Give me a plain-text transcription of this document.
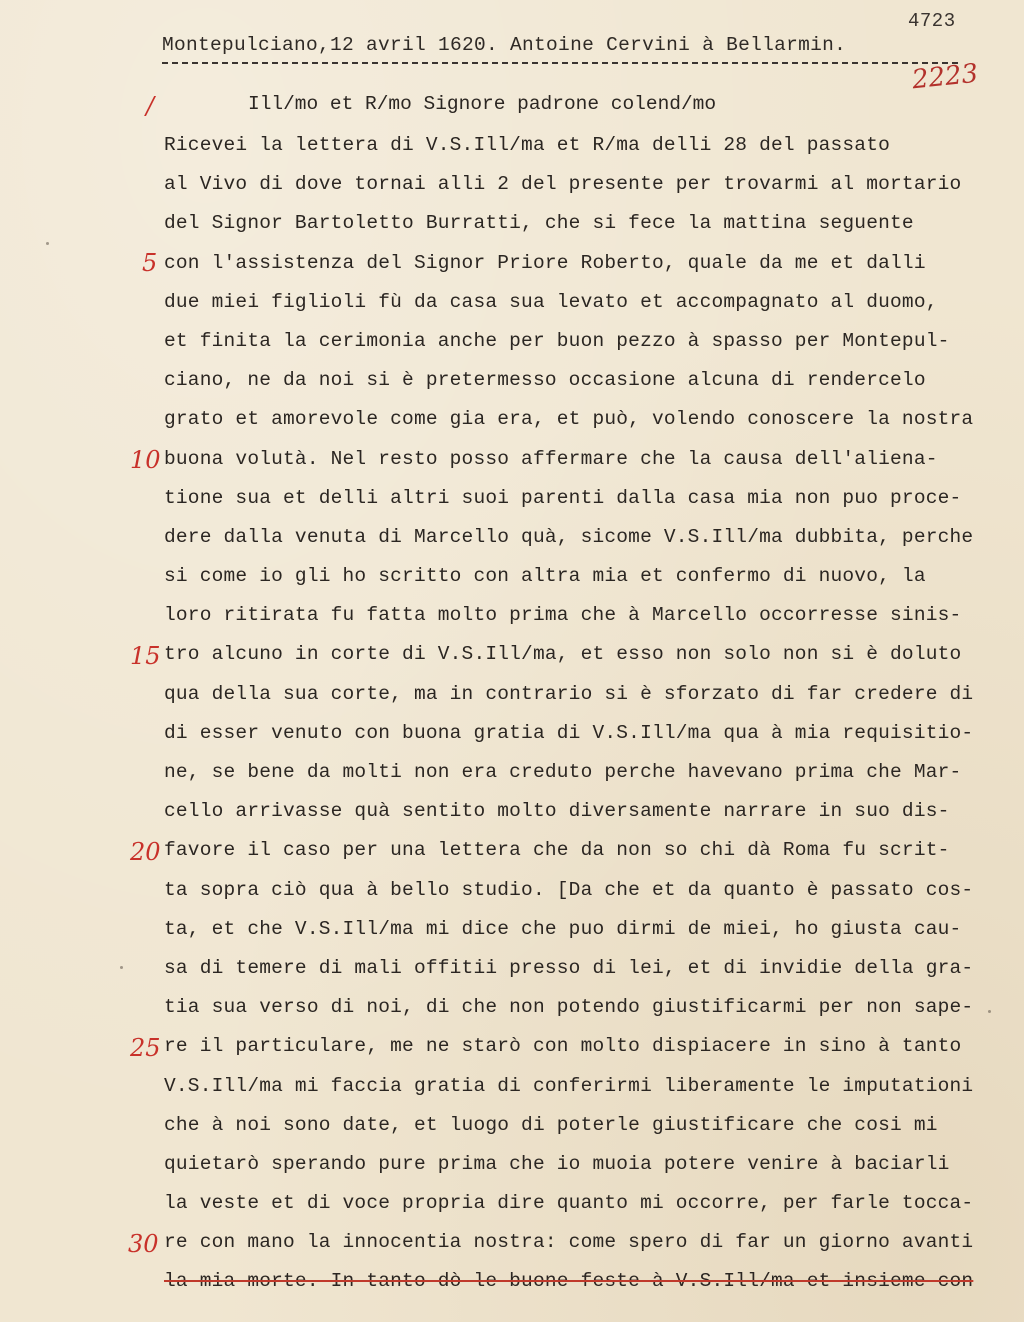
4723
Montepulciano,12 avril 1620. Antoine Cervini à Bellarmin.
2223
Ill/mo et R/mo Signore padrone colend/mo
/
5
10
15
20
25
30
Ricevei la lettera di V.S.Ill/ma et R/ma delli 28 del passato
al Vivo di dove tornai alli 2 del presente per trovarmi al mortario
del Signor Bartoletto Burratti, che si fece la mattina seguente
con l'assistenza del Signor Priore Roberto, quale da me et dalli
due miei figlioli fù da casa sua levato et accompagnato al duomo,
et finita la cerimonia anche per buon pezzo à spasso per Montepul-
ciano, ne da noi si è pretermesso occasione alcuna di rendercelo
grato et amorevole come gia era, et può, volendo conoscere la nostra
buona volutà. Nel resto posso affermare che la causa dell'aliena-
tione sua et delli altri suoi parenti dalla casa mia non puo proce-
dere dalla venuta di Marcello quà, sicome V.S.Ill/ma dubbita, perche
si come io gli ho scritto con altra mia et confermo di nuovo, la
loro ritirata fu fatta molto prima che à Marcello occorresse sinis-
tro alcuno in corte di V.S.Ill/ma, et esso non solo non si è doluto
qua della sua corte, ma in contrario si è sforzato di far credere di
di esser venuto con buona gratia di V.S.Ill/ma qua à mia requisitio-
ne, se bene da molti non era creduto perche havevano prima che Mar-
cello arrivasse quà sentito molto diversamente narrare in suo dis-
favore il caso per una lettera che da non so chi dà Roma fu scrit-
ta sopra ciò qua à bello studio. [Da che et da quanto è passato cos-
ta, et che V.S.Ill/ma mi dice che puo dirmi de miei, ho giusta cau-
sa di temere di mali offitii presso di lei, et di invidie della gra-
tia sua verso di noi, di che non potendo giustificarmi per non sape-
re il particulare, me ne starò con molto dispiacere in sino à tanto
V.S.Ill/ma mi faccia gratia di conferirmi liberamente le imputationi
che à noi sono date, et luogo di poterle giustificare che cosi mi
quietarò sperando pure prima che io muoia potere venire à baciarli
la veste et di voce propria dire quanto mi occorre, per farle tocca-
re con mano la innocentia nostra: come spero di far un giorno avanti
la mia morte. In tanto dò le buone feste à V.S.Ill/ma et insieme con
